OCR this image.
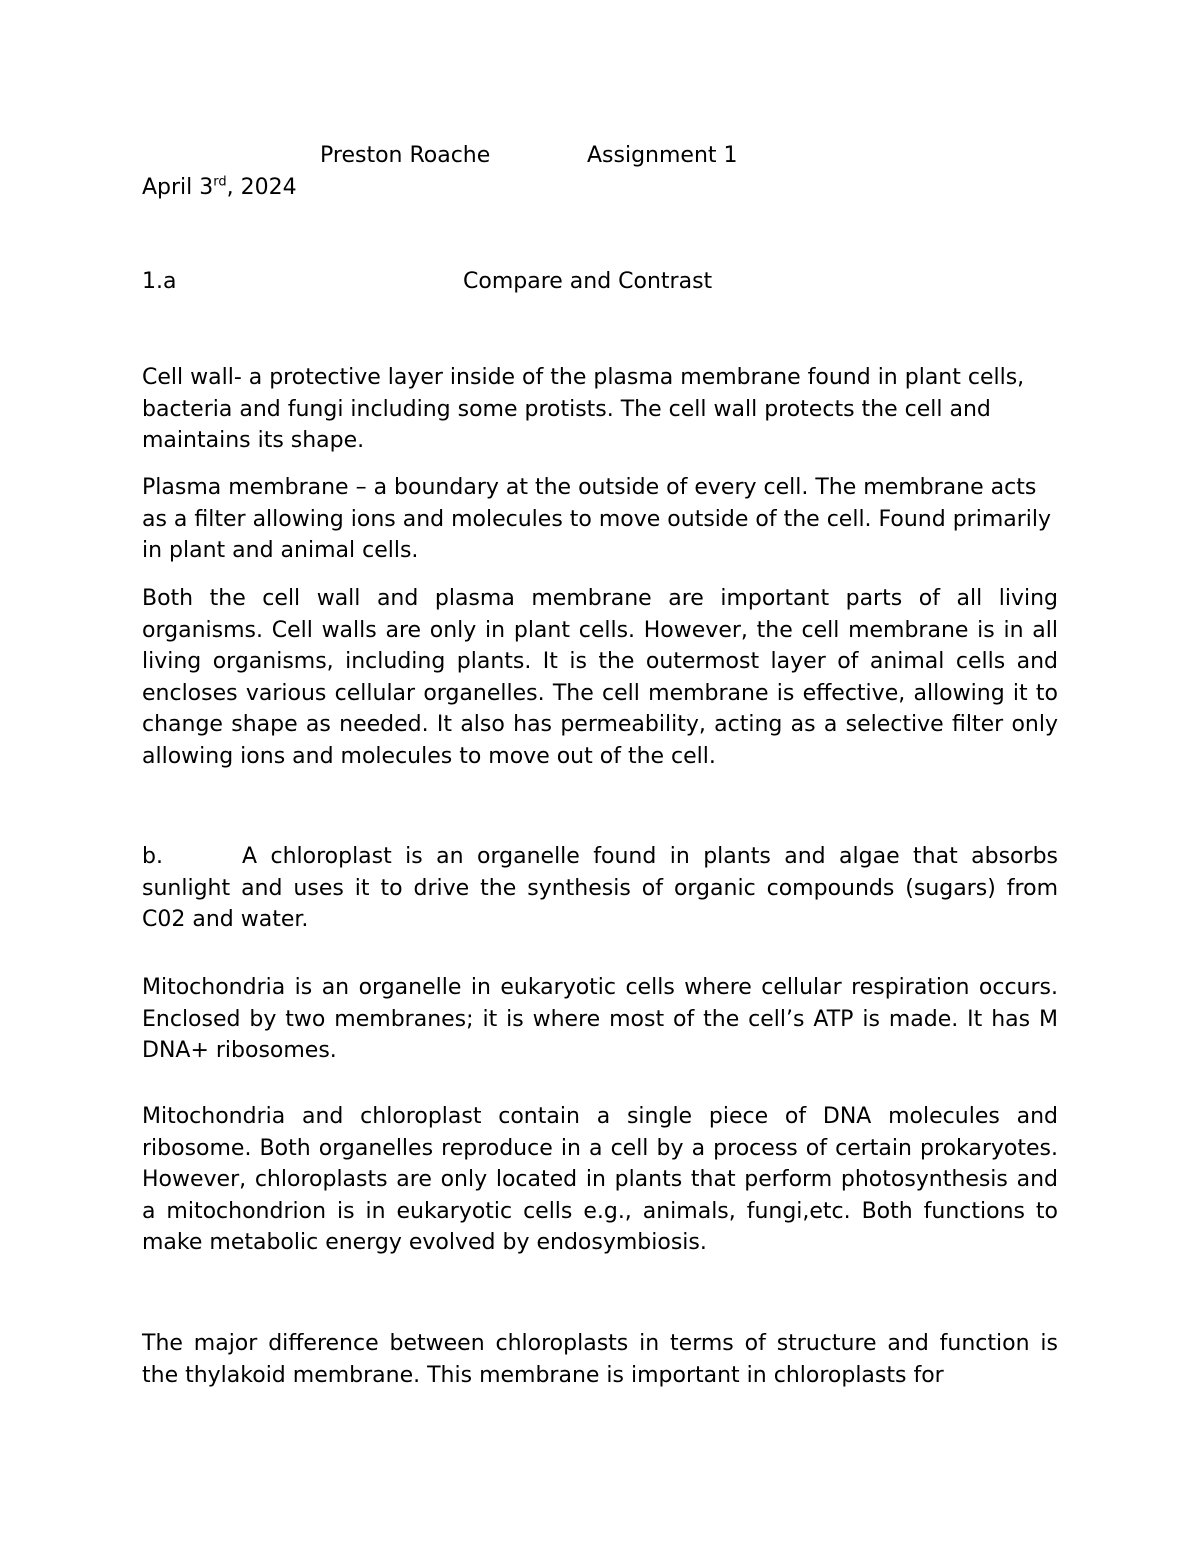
Preston Roache	Assignment 1
April 3rd, 2024
1.a	Compare and Contrast

Cell wall- a protective layer inside of the plasma membrane found in plant cells, bacteria and fungi including some protists. The cell wall protects the cell and maintains its shape.

Plasma membrane – a boundary at the outside of every cell. The membrane acts as a filter allowing ions and molecules to move outside of the cell. Found primarily in plant and animal cells.

Both the cell wall and plasma membrane are important parts of all living organisms. Cell walls are only in plant cells. However, the cell membrane is in all living organisms, including plants. It is the outermost layer of animal cells and encloses various cellular organelles. The cell membrane is effective, allowing it to change shape as needed. It also has permeability, acting as a selective filter only allowing ions and molecules to move out of the cell.

b.	A chloroplast is an organelle found in plants and algae that absorbs sunlight and uses it to drive the synthesis of organic compounds (sugars) from C02 and water.

Mitochondria is an organelle in eukaryotic cells where cellular respiration occurs. Enclosed by two membranes; it is where most of the cell’s ATP is made. It has M DNA+ ribosomes.

Mitochondria and chloroplast contain a single piece of DNA molecules and ribosome. Both organelles reproduce in a cell by a process of certain prokaryotes. However, chloroplasts are only located in plants that perform photosynthesis and a mitochondrion is in eukaryotic cells e.g., animals, fungi,etc. Both functions to make metabolic energy evolved by endosymbiosis.

The major difference between chloroplasts in terms of structure and function is the thylakoid membrane. This membrane is important in chloroplasts for
